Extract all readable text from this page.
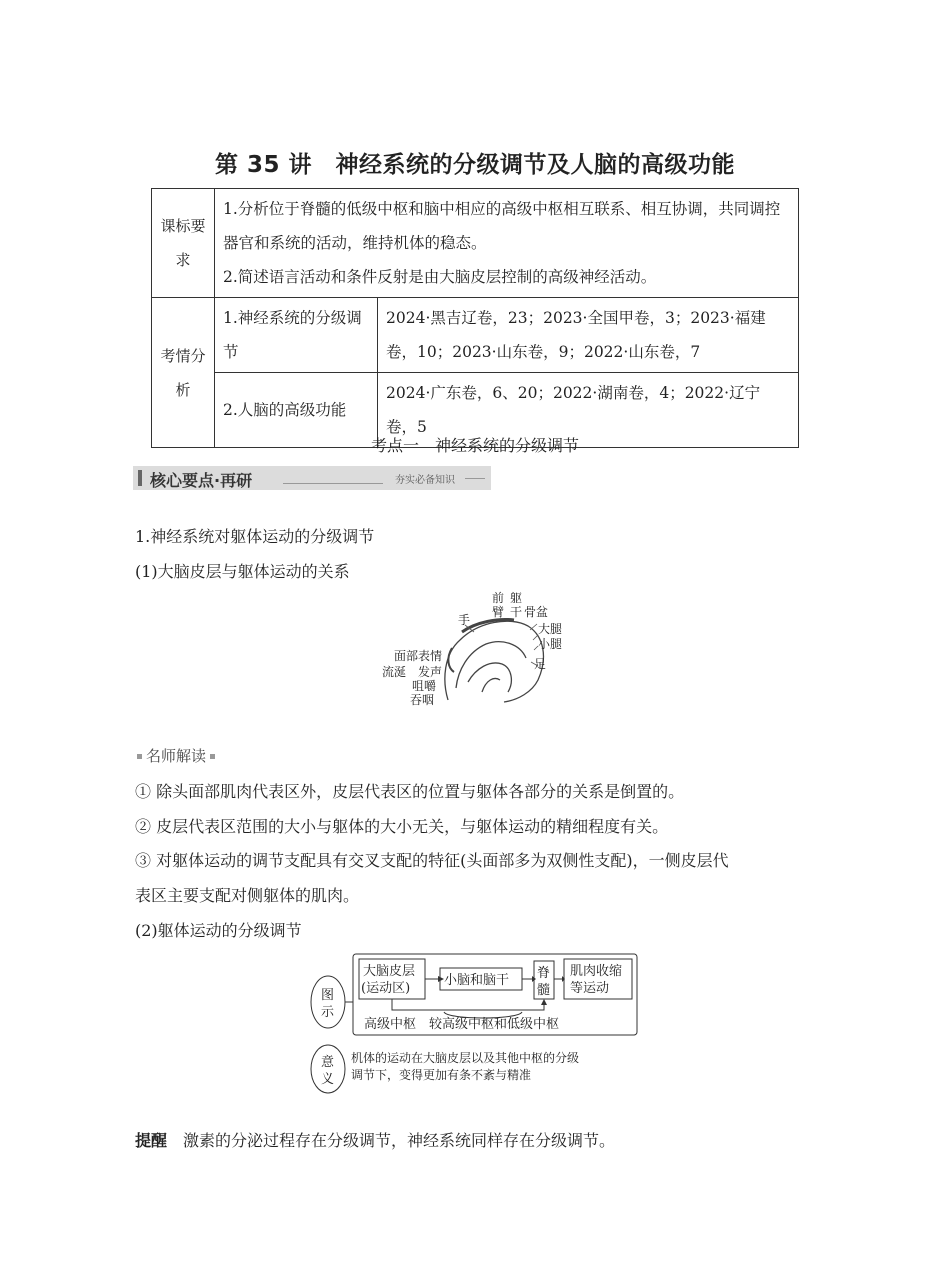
第 35 讲　神经系统的分级调节及人脑的高级功能
课标要求	1.分析位于脊髓的低级中枢和脑中相应的高级中枢相互联系、相互协调，共同调控器官和系统的活动，维持机体的稳态。
2.简述语言活动和条件反射是由大脑皮层控制的高级神经活动。	

考情分析	1.神经系统的分级调节	2024·黑吉辽卷，23；2023·全国甲卷，3；2023·福建卷，10；2023·山东卷，9；2022·山东卷，7
	2.人脑的高级功能	2024·广东卷，6、20；2022·湖南卷，4；2022·辽宁卷，5
考点一　神经系统的分级调节
核心要点·再研	夯实必备知识
1.神经系统对躯体运动的分级调节
(1)大脑皮层与躯体运动的关系
前
臂
躯
干
手
骨盆
大腿
小腿
足
面部表情
流涎 发声
咀嚼
吞咽
名师解读
① 除头面部肌肉代表区外，皮层代表区的位置与躯体各部分的关系是倒置的。
② 皮层代表区范围的大小与躯体的大小无关，与躯体运动的精细程度有关。
③ 对躯体运动的调节支配具有交叉支配的特征(头面部多为双侧性支配)，一侧皮层代
表区主要支配对侧躯体的肌肉。
(2)躯体运动的分级调节
图
示
意
义
大脑皮层
(运动区)
小脑和脑干 脊
髓
肌肉收缩
等运动
高级中枢　较高级中枢和低级中枢
机体的运动在大脑皮层以及其他中枢的分级
调节下，变得更加有条不紊与精准
提醒　 激素的分泌过程存在分级调节，神经系统同样存在分级调节。
